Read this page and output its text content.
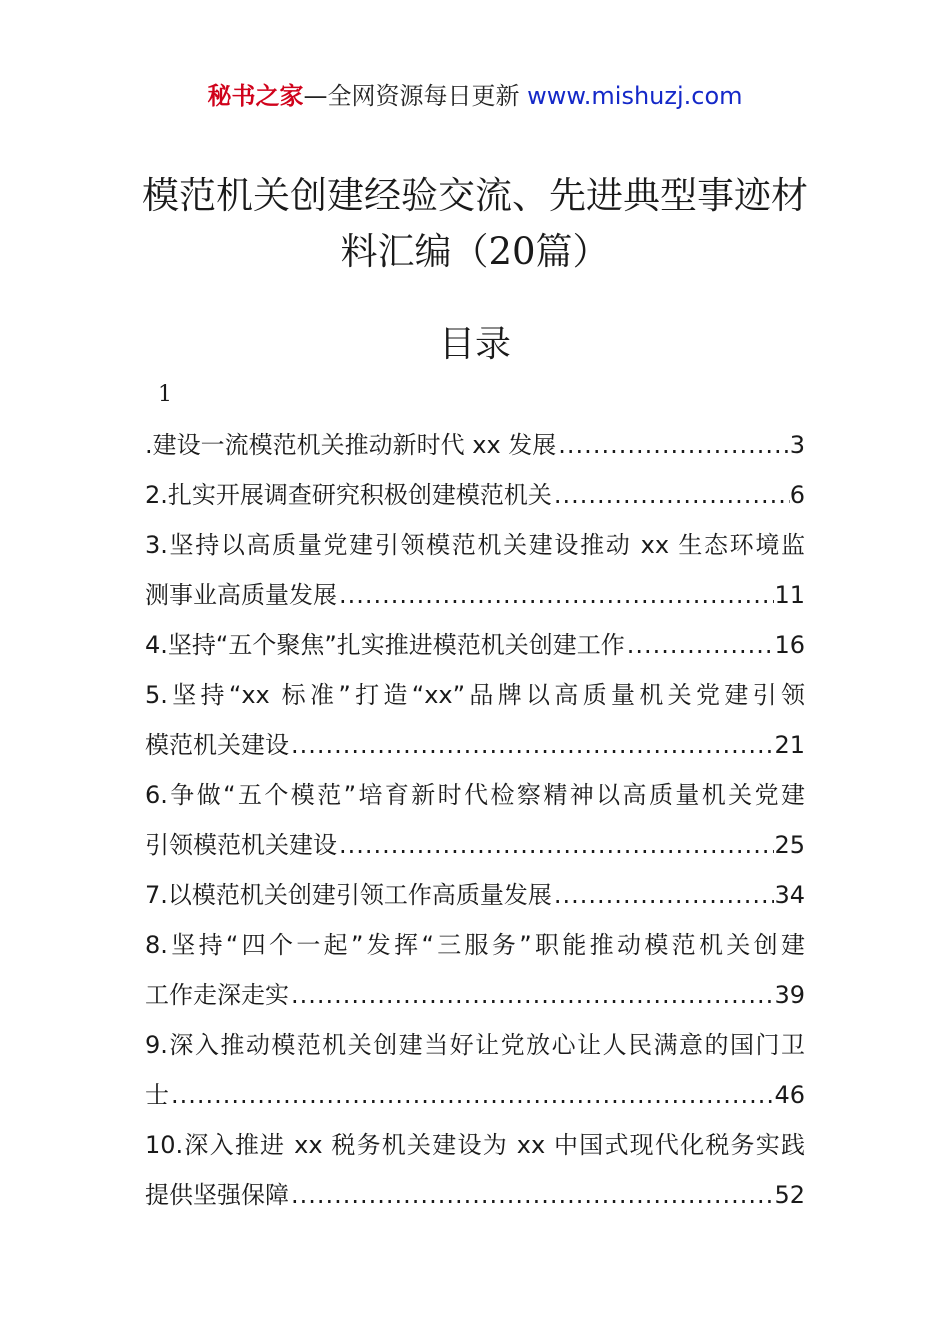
秘书之家—全网资源每日更新 www.mishuzj.com
模范机关创建经验交流、先进典型事迹材
料汇编（20篇）
目录
1
.建设一流模范机关推动新时代 xx 发展 .....	3
2.扎实开展调查研究积极创建模范机关 .....	6
3.坚持以高质量党建引领模范机关建设推动 xx 生态环境监
测事业高质量发展 .....	11
4.坚持“五个聚焦”扎实推进模范机关创建工作 .....	16
5.坚持“xx 标准”打造“xx”品牌以高质量机关党建引领
模范机关建设 .....	21
6.争做“五个模范”培育新时代检察精神以高质量机关党建
引领模范机关建设 .....	25
7.以模范机关创建引领工作高质量发展 .....	34
8.坚持“四个一起”发挥“三服务”职能推动模范机关创建
工作走深走实 .....	39
9.深入推动模范机关创建当好让党放心让人民满意的国门卫
士 .....	46
10.深入推进 xx 税务机关建设为 xx 中国式现代化税务实践
提供坚强保障 .....	52
